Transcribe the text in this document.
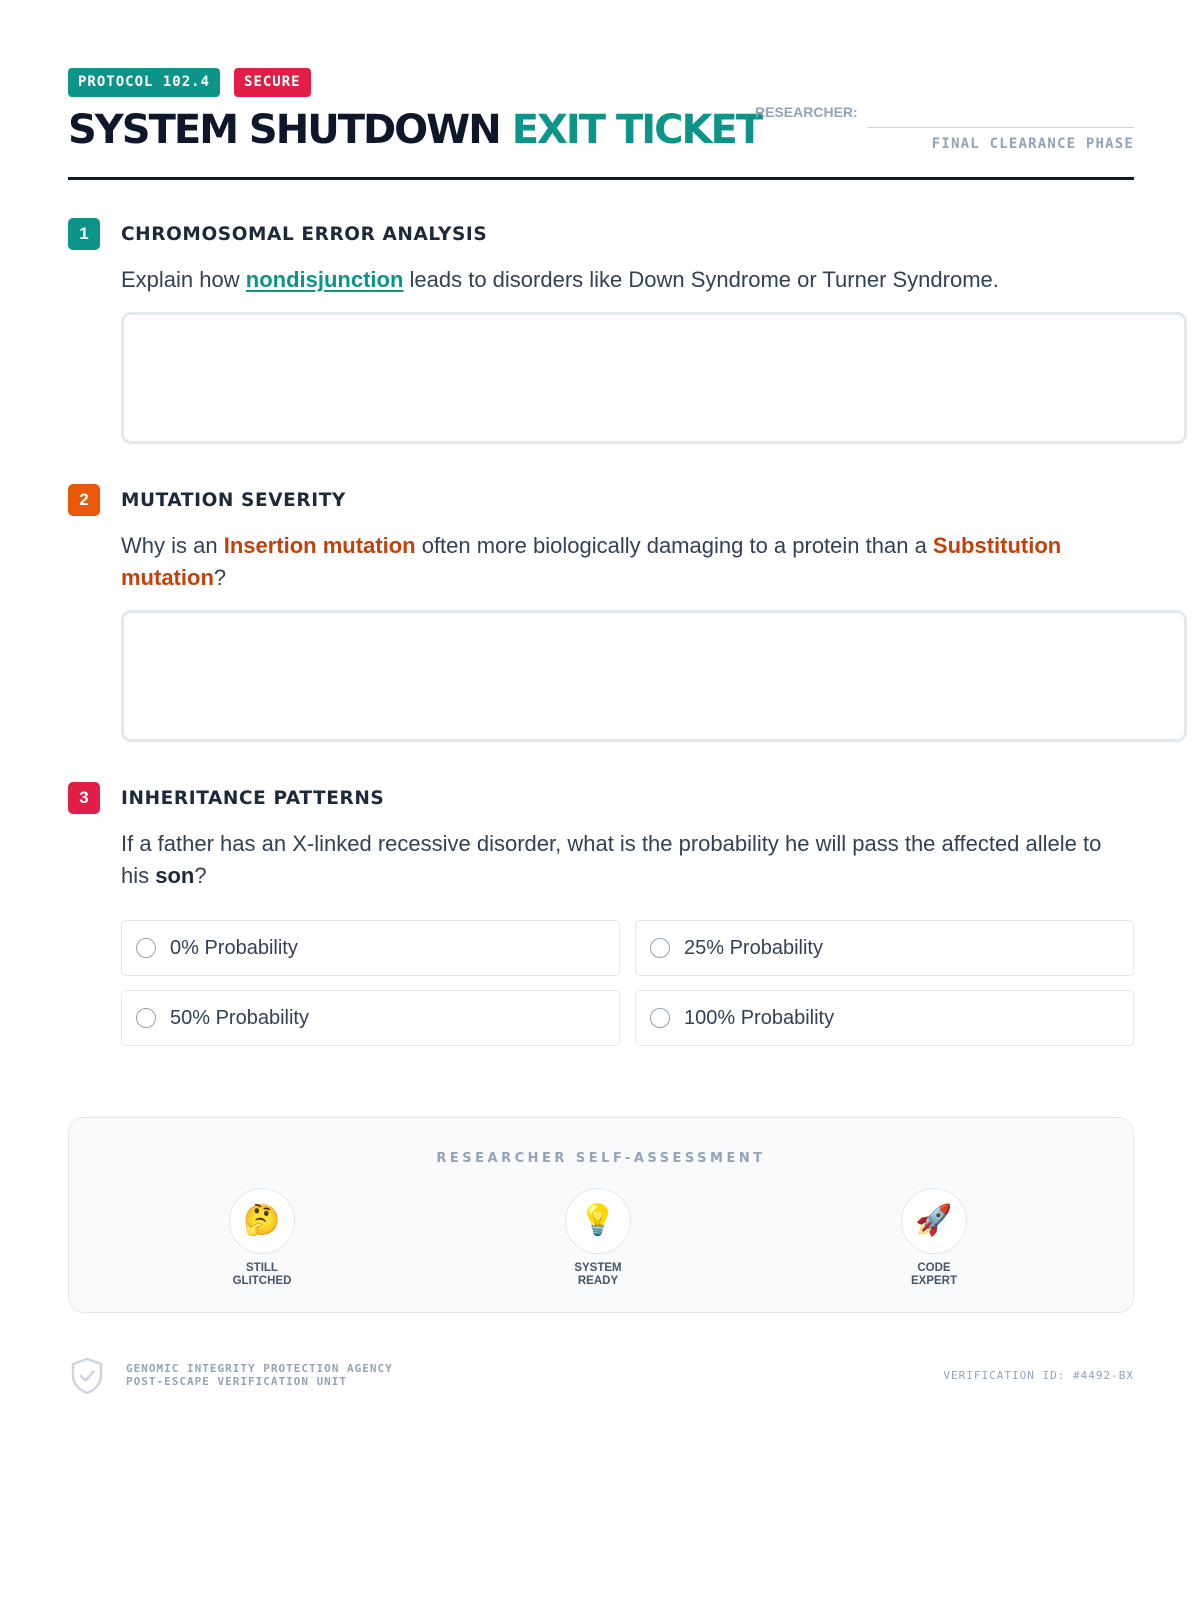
PROTOCOL 102.4	SECURE
SYSTEM SHUTDOWN EXIT TICKET
RESEARCHER:
FINAL CLEARANCE PHASE
1	CHROMOSOMAL ERROR ANALYSIS
Explain how nondisjunction leads to disorders like Down Syndrome or Turner Syndrome.
2	MUTATION SEVERITY
Why is an Insertion mutation often more biologically damaging to a protein than a Substitution mutation?
3	INHERITANCE PATTERNS
If a father has an X-linked recessive disorder, what is the probability he will pass the affected allele to his son?
0% Probability	25% Probability
50% Probability	100% Probability
RESEARCHER SELF-ASSESSMENT
🤔
STILL
GLITCHED
💡
SYSTEM
READY
🚀
CODE
EXPERT
GENOMIC INTEGRITY PROTECTION AGENCY
POST-ESCAPE VERIFICATION UNIT	VERIFICATION ID: #4492-BX
